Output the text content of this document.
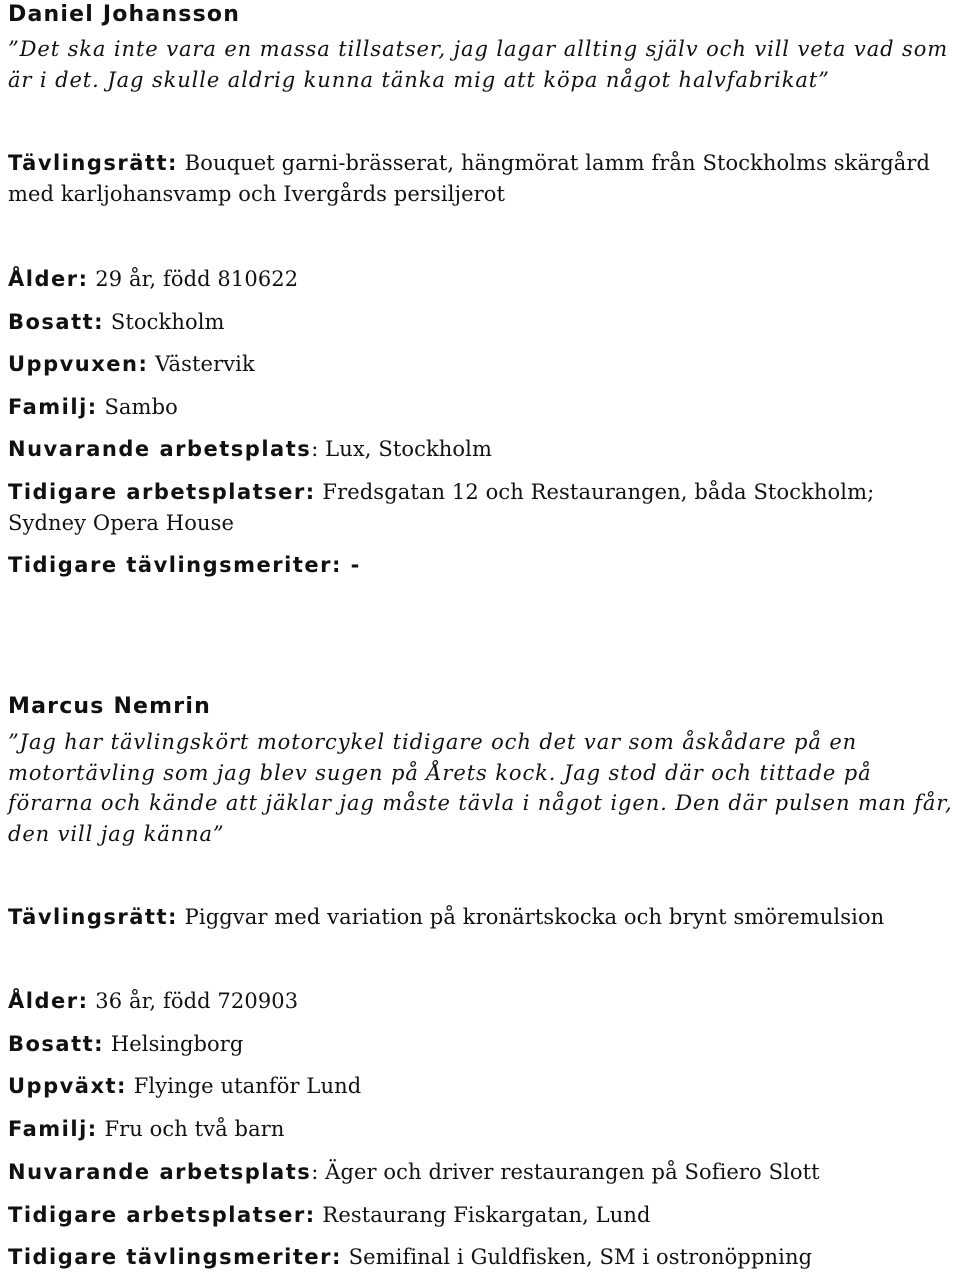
Daniel Johansson
”Det ska inte vara en massa tillsatser, jag lagar allting själv och vill veta vad som är i det. Jag skulle aldrig kunna tänka mig att köpa något halvfabrikat”
Tävlingsrätt: Bouquet garni-brässerat, hängmörat lamm från Stockholms skärgård med karljohansvamp och Ivergårds persiljerot
Ålder: 29 år, född 810622
Bosatt: Stockholm
Uppvuxen: Västervik
Familj: Sambo
Nuvarande arbetsplats: Lux, Stockholm
Tidigare arbetsplatser: Fredsgatan 12 och Restaurangen, båda Stockholm; Sydney Opera House
Tidigare tävlingsmeriter: -
Marcus Nemrin
”Jag har tävlingskört motorcykel tidigare och det var som åskådare på en motortävling som jag blev sugen på Årets kock. Jag stod där och tittade på förarna och kände att jäklar jag måste tävla i något igen. Den där pulsen man får, den vill jag känna”
Tävlingsrätt: Piggvar med variation på kronärtskocka och brynt smöremulsion
Ålder: 36 år, född 720903
Bosatt: Helsingborg
Uppväxt: Flyinge utanför Lund
Familj: Fru och två barn
Nuvarande arbetsplats: Äger och driver restaurangen på Sofiero Slott
Tidigare arbetsplatser: Restaurang Fiskargatan, Lund
Tidigare tävlingsmeriter: Semifinal i Guldfisken, SM i ostronöppning
